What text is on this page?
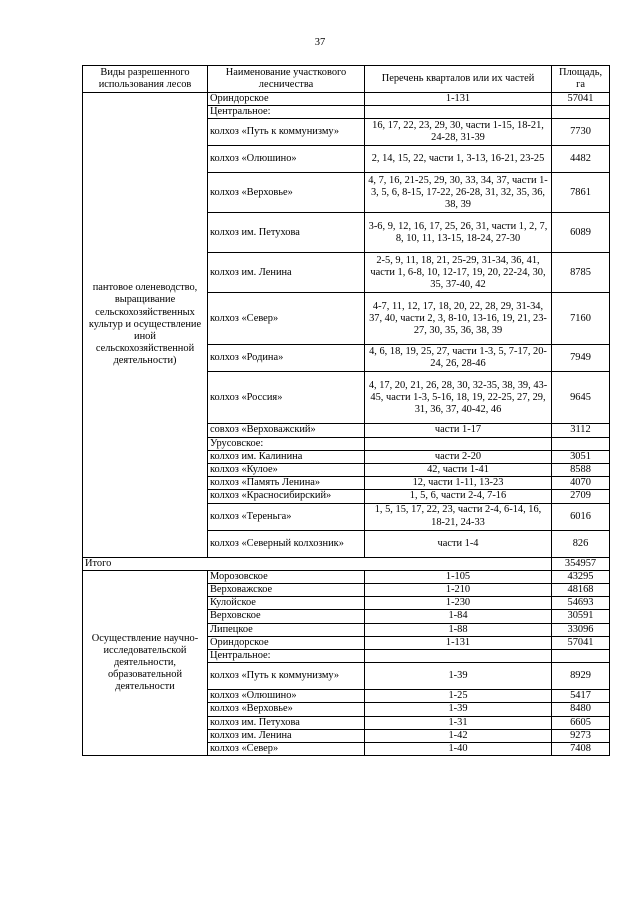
37
Виды разрешенного использования лесов	Наименование участкового лесничества	Перечень кварталов или их частей	Площадь, га
пантовое оленеводство, выращивание сельскохозяйственных культур и осуществление иной сельскохозяйственной деятельности)	Ориндорское	1-131	57041
	Центральное:		
	колхоз «Путь к коммунизму»	16, 17, 22, 23, 29, 30, части 1-15, 18-21, 24-28, 31-39	7730
	колхоз «Олюшино»	2, 14, 15, 22, части 1, 3-13, 16-21, 23-25	4482
	колхоз «Верховье»	4, 7, 16, 21-25, 29, 30, 33, 34, 37, части 1-3, 5, 6, 8-15, 17-22, 26-28, 31, 32, 35, 36, 38, 39	7861
	колхоз им. Петухова	3-6, 9, 12, 16, 17, 25, 26, 31, части 1, 2, 7, 8, 10, 11, 13-15, 18-24, 27-30	6089
	колхоз им. Ленина	2-5, 9, 11, 18, 21, 25-29, 31-34, 36, 41, части 1, 6-8, 10, 12-17, 19, 20, 22-24, 30, 35, 37-40, 42	8785
	колхоз «Север»	4-7, 11, 12, 17, 18, 20, 22, 28, 29, 31-34, 37, 40, части 2, 3, 8-10, 13-16, 19, 21, 23-27, 30, 35, 36, 38, 39	7160
	колхоз «Родина»	4, 6, 18, 19, 25, 27, части 1-3, 5, 7-17, 20-24, 26, 28-46	7949
	колхоз «Россия»	4, 17, 20, 21, 26, 28, 30, 32-35, 38, 39, 43-45, части 1-3, 5-16, 18, 19, 22-25, 27, 29, 31, 36, 37, 40-42, 46	9645
	совхоз «Верховажский»	части 1-17	3112
	Урусовское:		
	колхоз им. Калинина	части 2-20	3051
	колхоз «Кулое»	42, части 1-41	8588
	колхоз «Память Ленина»	12, части 1-11, 13-23	4070
	колхоз «Красносибирский»	1, 5, 6, части 2-4, 7-16	2709
	колхоз «Тереньга»	1, 5, 15, 17, 22, 23, части 2-4, 6-14, 16, 18-21, 24-33	6016
	колхоз «Северный колхозник»	части 1-4	826
Итого			354957
Осуществление научно-исследовательской деятельности, образовательной деятельности	Морозовское	1-105	43295
	Верховажское	1-210	48168
	Кулойское	1-230	54693
	Верховское	1-84	30591
	Липецкое	1-88	33096
	Ориндорское	1-131	57041
	Центральное:		
	колхоз «Путь к коммунизму»	1-39	8929
	колхоз «Олюшино»	1-25	5417
	колхоз «Верховье»	1-39	8480
	колхоз им. Петухова	1-31	6605
	колхоз им. Ленина	1-42	9273
	колхоз «Север»	1-40	7408
